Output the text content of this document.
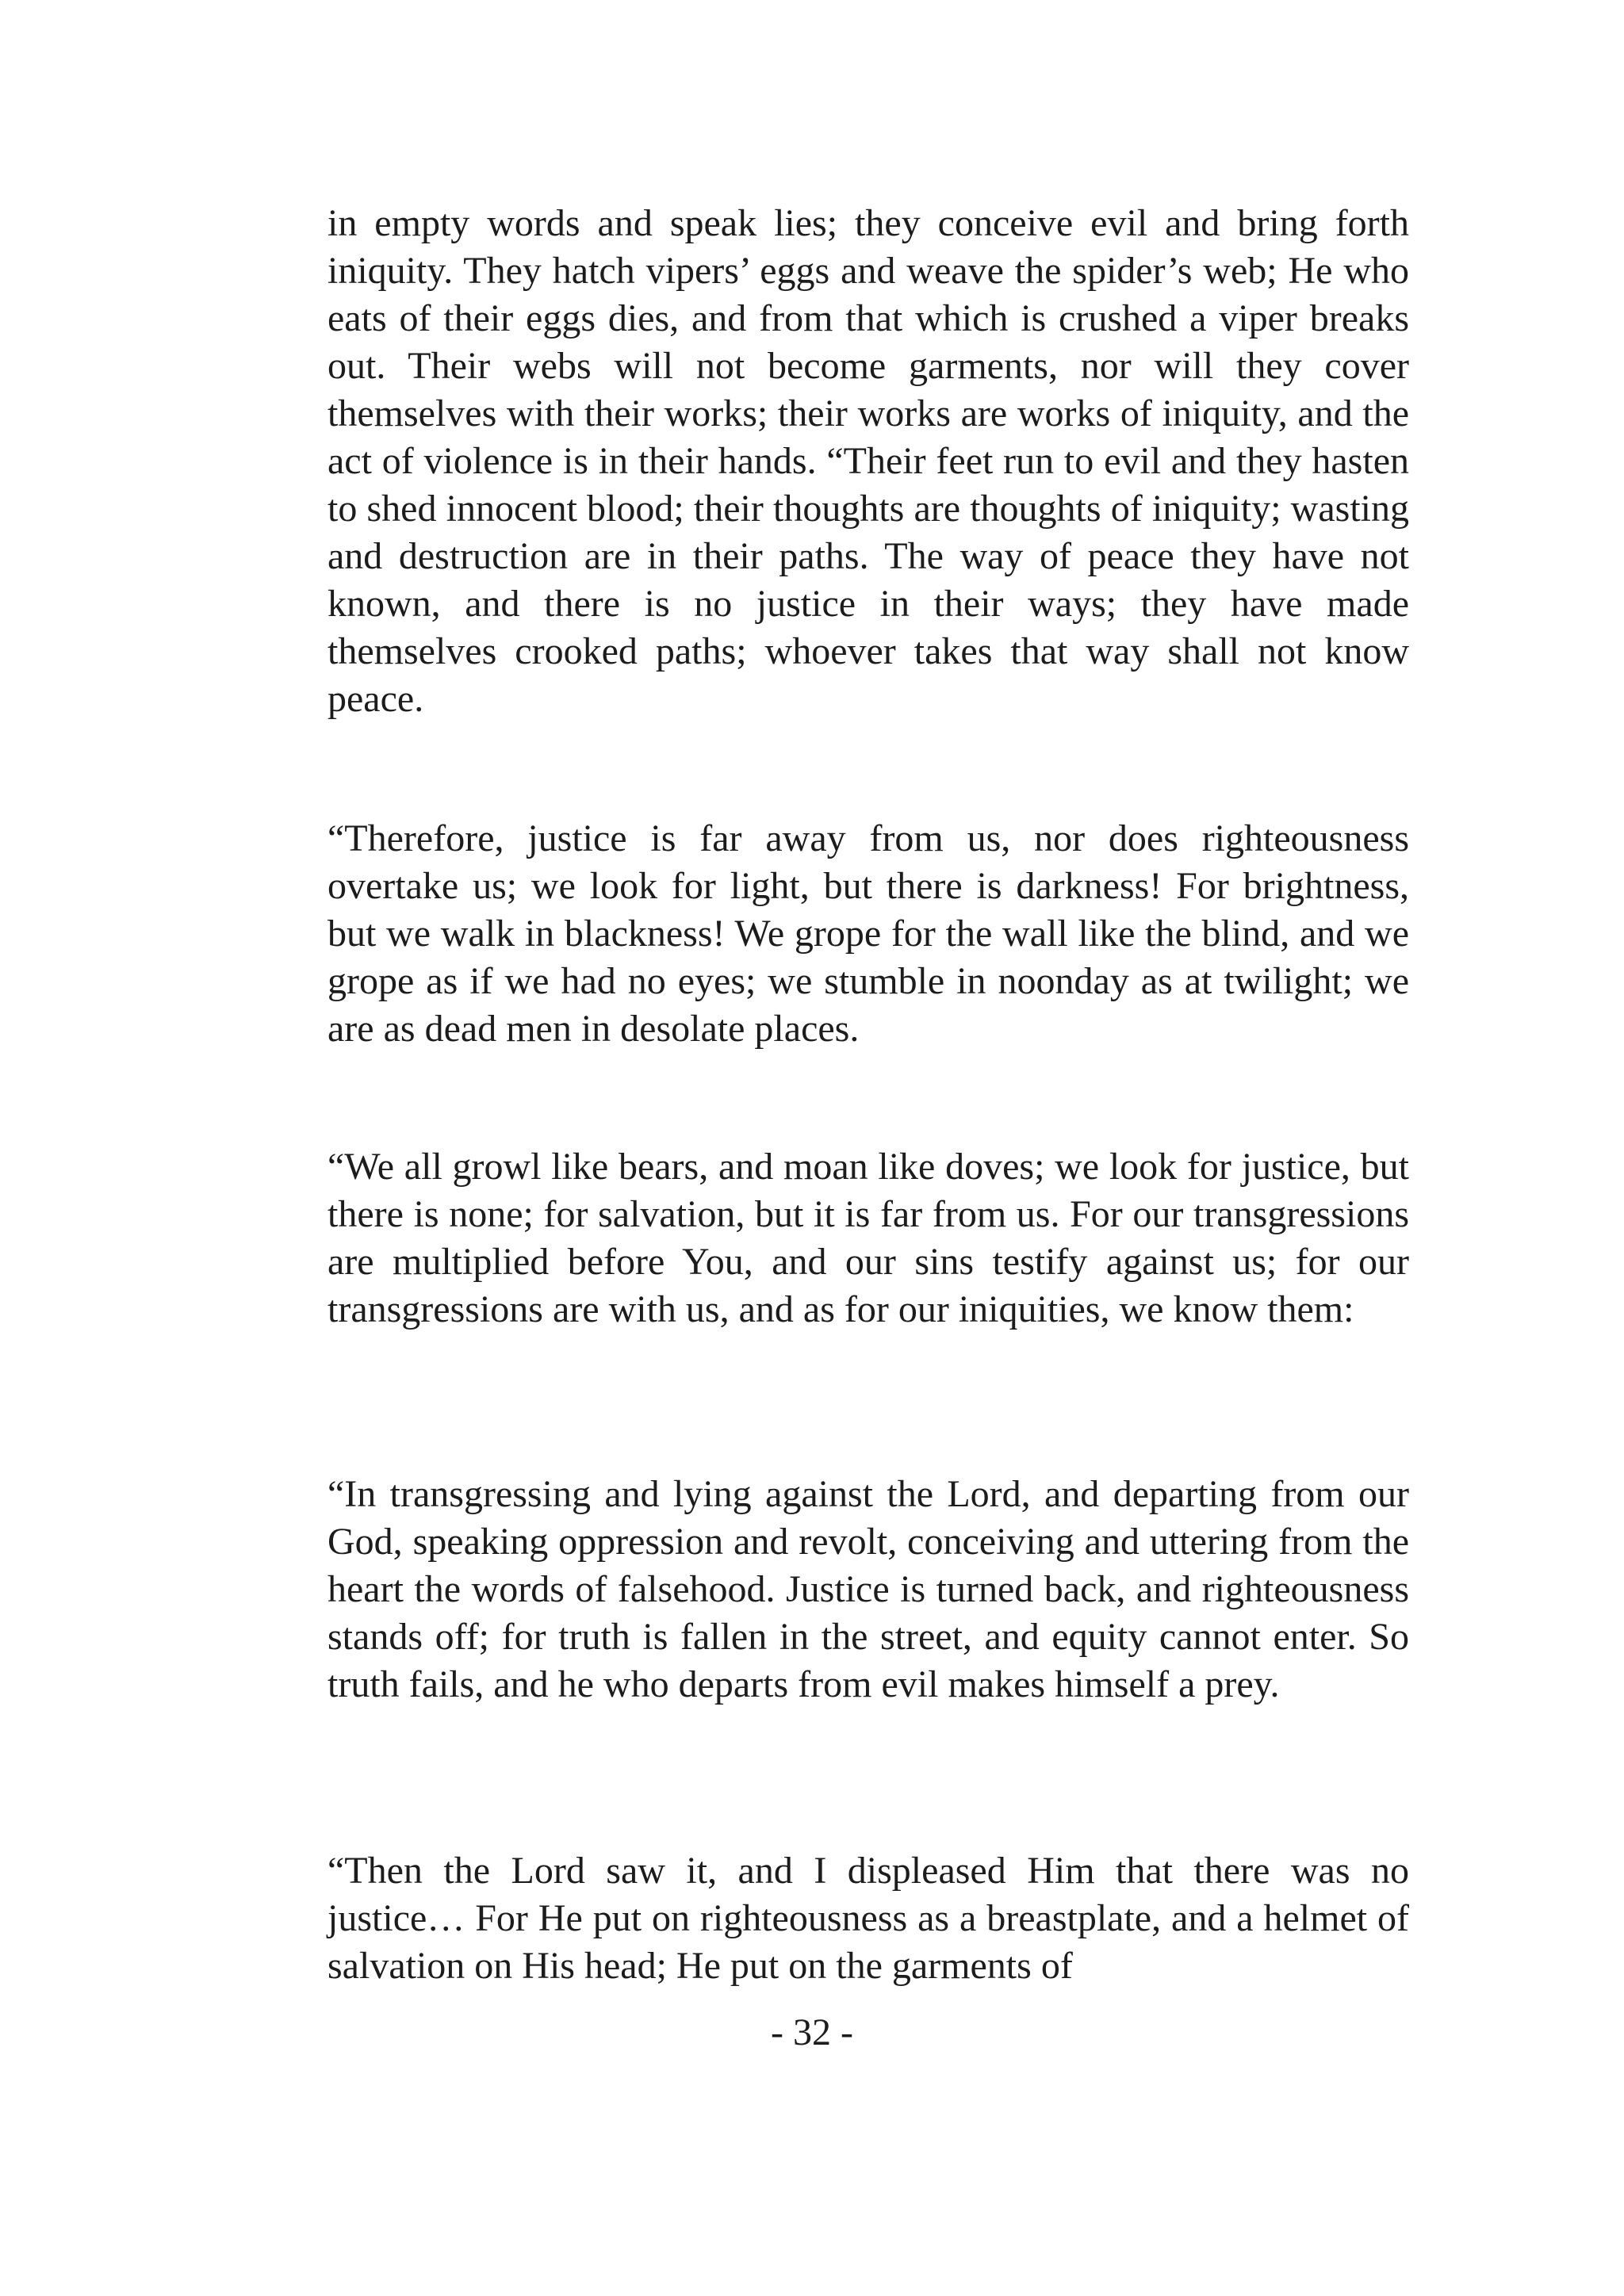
in empty words and speak lies; they conceive evil and bring forth iniquity. They hatch vipers’ eggs and weave the spider’s web; He who eats of their eggs dies, and from that which is crushed a viper breaks out. Their webs will not become garments, nor will they cover themselves with their works; their works are works of iniquity, and the act of violence is in their hands. “Their feet run to evil and they hasten to shed innocent blood; their thoughts are thoughts of iniquity; wasting and destruction are in their paths. The way of peace they have not known, and there is no justice in their ways; they have made themselves crooked paths; whoever takes that way shall not know peace.

“Therefore, justice is far away from us, nor does righteousness overtake us; we look for light, but there is darkness! For brightness, but we walk in blackness! We grope for the wall like the blind, and we grope as if we had no eyes; we stumble in noonday as at twilight; we are as dead men in desolate places.

“We all growl like bears, and moan like doves; we look for justice, but there is none; for salvation, but it is far from us. For our transgressions are multiplied before You, and our sins testify against us; for our transgressions are with us, and as for our iniquities, we know them:

“In transgressing and lying against the Lord, and departing from our God, speaking oppression and revolt, conceiving and uttering from the heart the words of falsehood. Justice is turned back, and righteousness stands off; for truth is fallen in the street, and equity cannot enter. So truth fails, and he who departs from evil makes himself a prey.

“Then the Lord saw it, and I displeased Him that there was no justice… For He put on righteousness as a breastplate, and a helmet of salvation on His head; He put on the garments of

- 32 -
